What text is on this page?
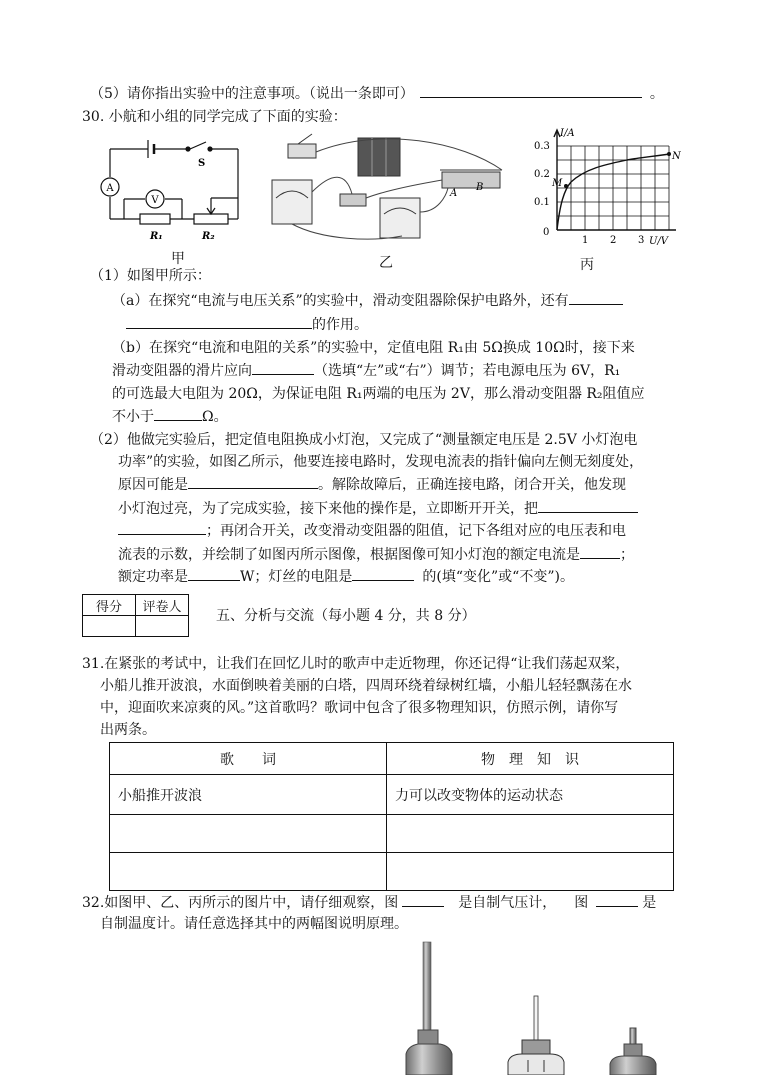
（5）请你指出实验中的注意事项。（说出一条即可）	。
30. 小航和小组的同学完成了下面的实验：
A
V
S
R₁	R₂
甲
A
B
乙
I/A
U/V
0.3
0.2
0.1
0
1 2 3
M
N
丙
（1）如图甲所示：
（a）在探究“电流与电压关系”的实验中，滑动变阻器除保护电路外，还有
的作用。
（b）在探究“电流和电阻的关系”的实验中，定值电阻 R₁由 5Ω换成 10Ω时，接下来
滑动变阻器的滑片应向	（选填“左”或“右”）调节；若电源电压为 6V，R₁
的可选最大电阻为 20Ω，为保证电阻 R₁两端的电压为 2V，那么滑动变阻器 R₂阻值应
不小于	Ω。
（2）他做完实验后，把定值电阻换成小灯泡，又完成了“测量额定电压是 2.5V 小灯泡电
功率”的实验，如图乙所示，他要连接电路时，发现电流表的指针偏向左侧无刻度处，
原因可能是	。解除故障后，正确连接电路，闭合开关，他发现
小灯泡过亮，为了完成实验，接下来他的操作是，立即断开开关，把
；再闭合开关，改变滑动变阻器的阻值，记下各组对应的电压表和电
流表的示数，并绘制了如图丙所示图像，根据图像可知小灯泡的额定电流是	；
额定功率是	W；灯丝的电阻是	的(填“变化”或“不变”)。
得分	评卷人

五、分析与交流（每小题 4 分，共 8 分）
31.在紧张的考试中，让我们在回忆儿时的歌声中走近物理，你还记得“让我们荡起双桨，
小船儿推开波浪，水面倒映着美丽的白塔，四周环绕着绿树红墙，小船儿轻轻飘荡在水
中，迎面吹来凉爽的风。”这首歌吗？歌词中包含了很多物理知识，仿照示例，请你写
出两条。
歌　　词	物　理　知　识
小船推开波浪	力可以改变物体的运动状态

32.如图甲、乙、丙所示的图片中，请仔细观察，图	是自制气压计， 图	是
自制温度计。请任意选择其中的两幅图说明原理。
